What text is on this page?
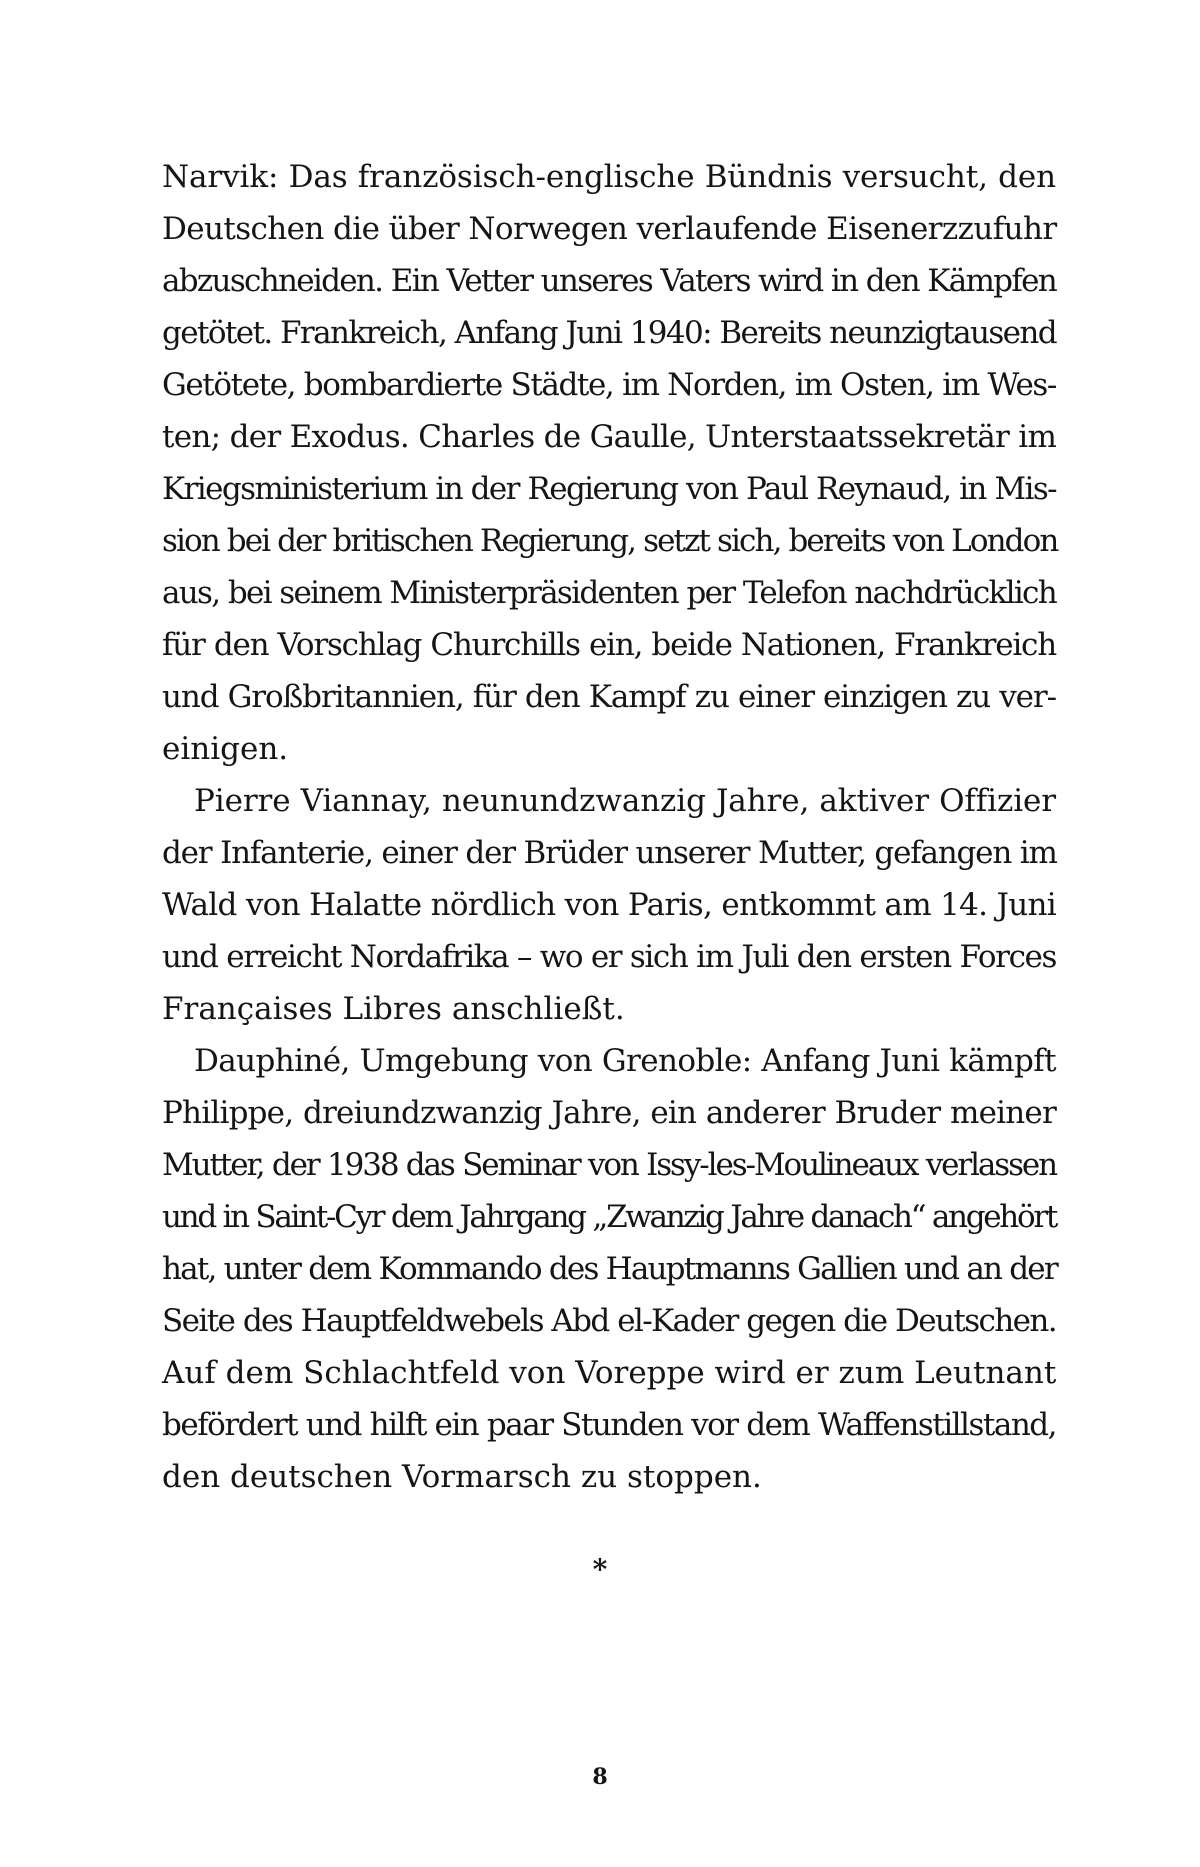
Narvik: Das französisch-englische Bündnis versucht, den
Deutschen die über Norwegen verlaufende Eisenerzzufuhr
abzuschneiden. Ein Vetter unseres Vaters wird in den Kämpfen
getötet. Frankreich, Anfang Juni 1940: Bereits neunzigtausend
Getötete, bombardierte Städte, im Norden, im Osten, im Wes-
ten; der Exodus. Charles de Gaulle, Unterstaatssekretär im
Kriegsministerium in der Regierung von Paul Reynaud, in Mis-
sion bei der britischen Regierung, setzt sich, bereits von London
aus, bei seinem Ministerpräsidenten per Telefon nachdrücklich
für den Vorschlag Churchills ein, beide Nationen, Frankreich
und Großbritannien, für den Kampf zu einer einzigen zu ver-
einigen.
Pierre Viannay, neunundzwanzig Jahre, aktiver Offizier
der Infanterie, einer der Brüder unserer Mutter, gefangen im
Wald von Halatte nördlich von Paris, entkommt am 14. Juni
und erreicht Nordafrika – wo er sich im Juli den ersten Forces
Françaises Libres anschließt.
Dauphiné, Umgebung von Grenoble: Anfang Juni kämpft
Philippe, dreiundzwanzig Jahre, ein anderer Bruder meiner
Mutter, der 1938 das Seminar von Issy-les-Moulineaux verlassen
und in Saint-Cyr dem Jahrgang „Zwanzig Jahre danach“ angehört
hat, unter dem Kommando des Hauptmanns Gallien und an der
Seite des Hauptfeldwebels Abd el-Kader gegen die Deutschen.
Auf dem Schlachtfeld von Voreppe wird er zum Leutnant
befördert und hilft ein paar Stunden vor dem Waffenstillstand,
den deutschen Vormarsch zu stoppen.
*
8
